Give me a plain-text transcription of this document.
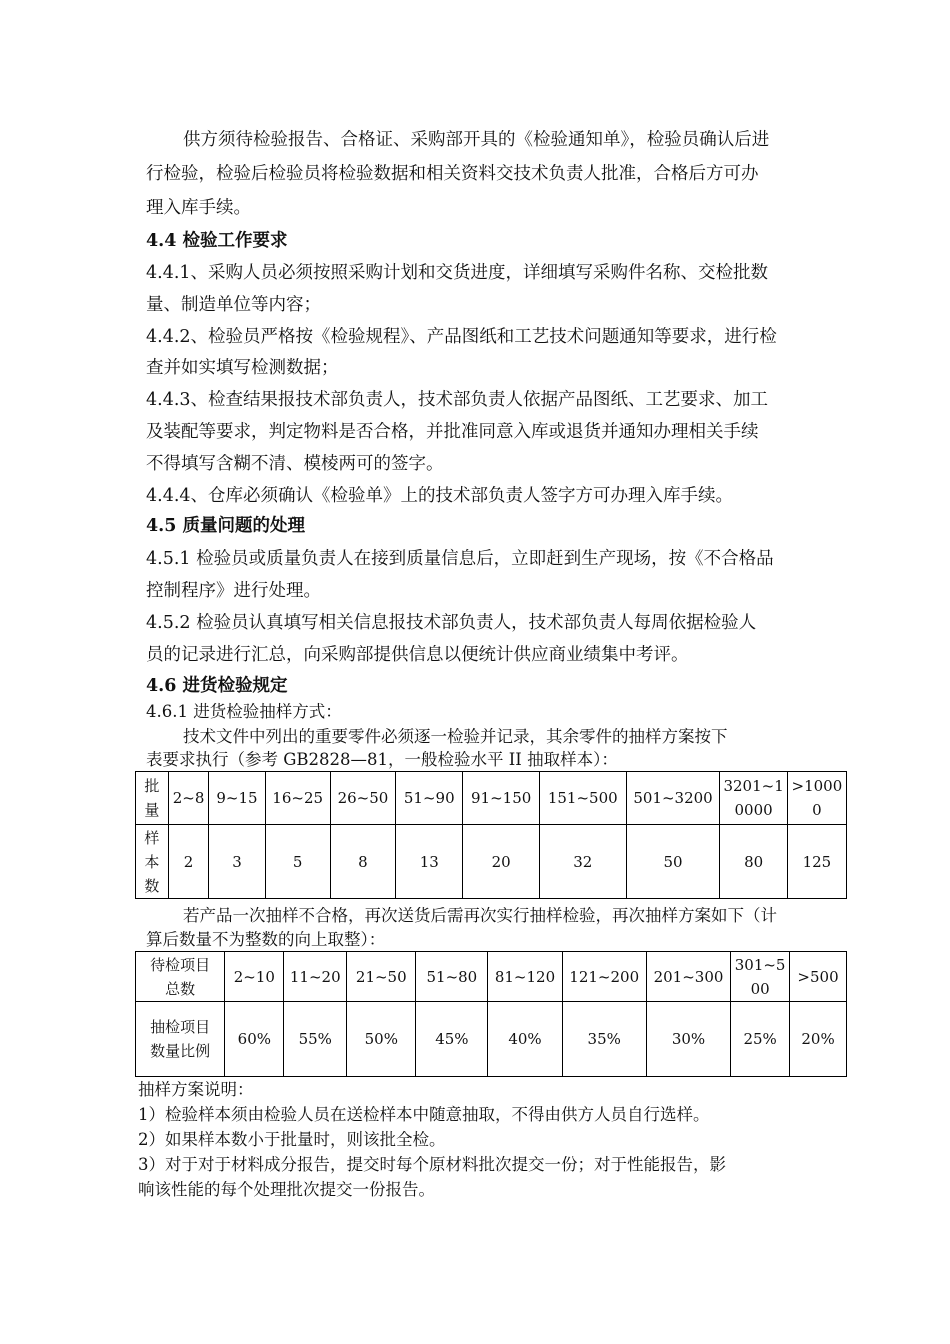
供方须待检验报告、合格证、采购部开具的《检验通知单》，检验员确认后进
行检验，检验后检验员将检验数据和相关资料交技术负责人批准，合格后方可办
理入库手续。
4.4 检验工作要求
4.4.1、采购人员必须按照采购计划和交货进度，详细填写采购件名称、交检批数
量、制造单位等内容；
4.4.2、检验员严格按《检验规程》、产品图纸和工艺技术问题通知等要求，进行检
查并如实填写检测数据；
4.4.3、检查结果报技术部负责人，技术部负责人依据产品图纸、工艺要求、加工
及装配等要求，判定物料是否合格，并批准同意入库或退货并通知办理相关手续
不得填写含糊不清、模棱两可的签字。
4.4.4、仓库必须确认《检验单》上的技术部负责人签字方可办理入库手续。
4.5 质量问题的处理
4.5.1 检验员或质量负责人在接到质量信息后，立即赶到生产现场，按《不合格品
控制程序》进行处理。
4.5.2 检验员认真填写相关信息报技术部负责人，技术部负责人每周依据检验人
员的记录进行汇总，向采购部提供信息以便统计供应商业绩集中考评。
4.6 进货检验规定
4.6.1 进货检验抽样方式：
技术文件中列出的重要零件必须逐一检验并记录，其余零件的抽样方案按下
表要求执行（参考 GB2828—81，一般检验水平 II 抽取样本）：
批量	2~8	9~15	16~25	26~50	51~90	91~150	151~500	501~3200	3201~10000	>10000
样本数	2	3	5	8	13	20	32	50	80	125
若产品一次抽样不合格，再次送货后需再次实行抽样检验，再次抽样方案如下（计
算后数量不为整数的向上取整）：
待检项目总数	2~10	11~20	21~50	51~80	81~120	121~200	201~300	301~500	>500
抽检项目数量比例	60%	55%	50%	45%	40%	35%	30%	25%	20%
抽样方案说明：
1）检验样本须由检验人员在送检样本中随意抽取，不得由供方人员自行选样。
2）如果样本数小于批量时，则该批全检。
3）对于对于材料成分报告，提交时每个原材料批次提交一份；对于性能报告，影
响该性能的每个处理批次提交一份报告。
